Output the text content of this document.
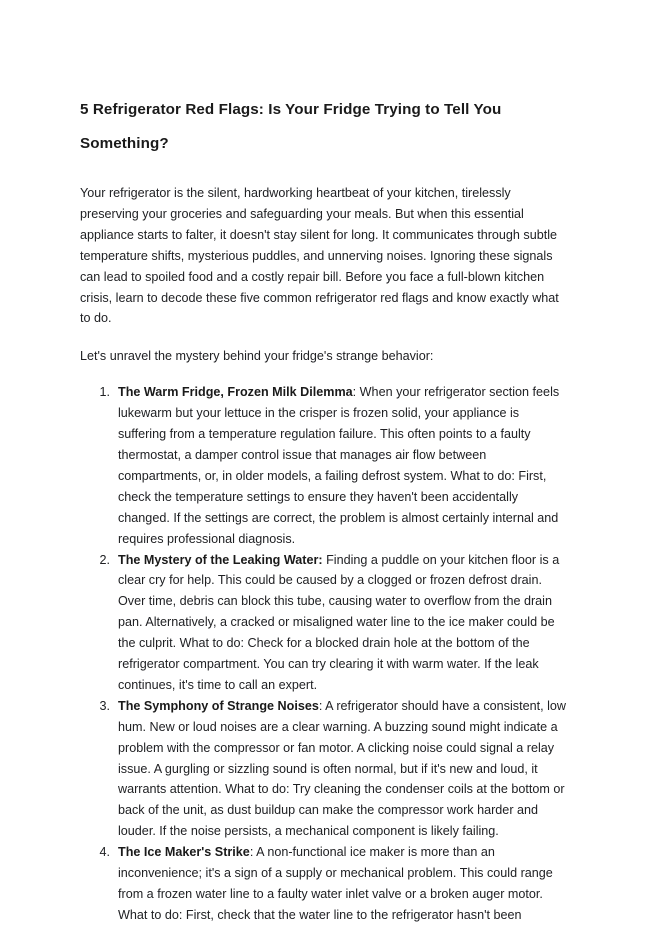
5 Refrigerator Red Flags: Is Your Fridge Trying to Tell You Something?

Your refrigerator is the silent, hardworking heartbeat of your kitchen, tirelessly preserving your groceries and safeguarding your meals. But when this essential appliance starts to falter, it doesn't stay silent for long. It communicates through subtle temperature shifts, mysterious puddles, and unnerving noises. Ignoring these signals can lead to spoiled food and a costly repair bill. Before you face a full-blown kitchen crisis, learn to decode these five common refrigerator red flags and know exactly what to do.

Let's unravel the mystery behind your fridge's strange behavior:

The Warm Fridge, Frozen Milk Dilemma: When your refrigerator section feels lukewarm but your lettuce in the crisper is frozen solid, your appliance is suffering from a temperature regulation failure. This often points to a faulty thermostat, a damper control issue that manages air flow between compartments, or, in older models, a failing defrost system. What to do: First, check the temperature settings to ensure they haven't been accidentally changed. If the settings are correct, the problem is almost certainly internal and requires professional diagnosis.
The Mystery of the Leaking Water: Finding a puddle on your kitchen floor is a clear cry for help. This could be caused by a clogged or frozen defrost drain. Over time, debris can block this tube, causing water to overflow from the drain pan. Alternatively, a cracked or misaligned water line to the ice maker could be the culprit. What to do: Check for a blocked drain hole at the bottom of the refrigerator compartment. You can try clearing it with warm water. If the leak continues, it's time to call an expert.
The Symphony of Strange Noises: A refrigerator should have a consistent, low hum. New or loud noises are a clear warning. A buzzing sound might indicate a problem with the compressor or fan motor. A clicking noise could signal a relay issue. A gurgling or sizzling sound is often normal, but if it's new and loud, it warrants attention. What to do: Try cleaning the condenser coils at the bottom or back of the unit, as dust buildup can make the compressor work harder and louder. If the noise persists, a mechanical component is likely failing.
The Ice Maker's Strike: A non-functional ice maker is more than an inconvenience; it's a sign of a supply or mechanical problem. This could range from a frozen water line to a faulty water inlet valve or a broken auger motor. What to do: First, check that the water line to the refrigerator hasn't been
